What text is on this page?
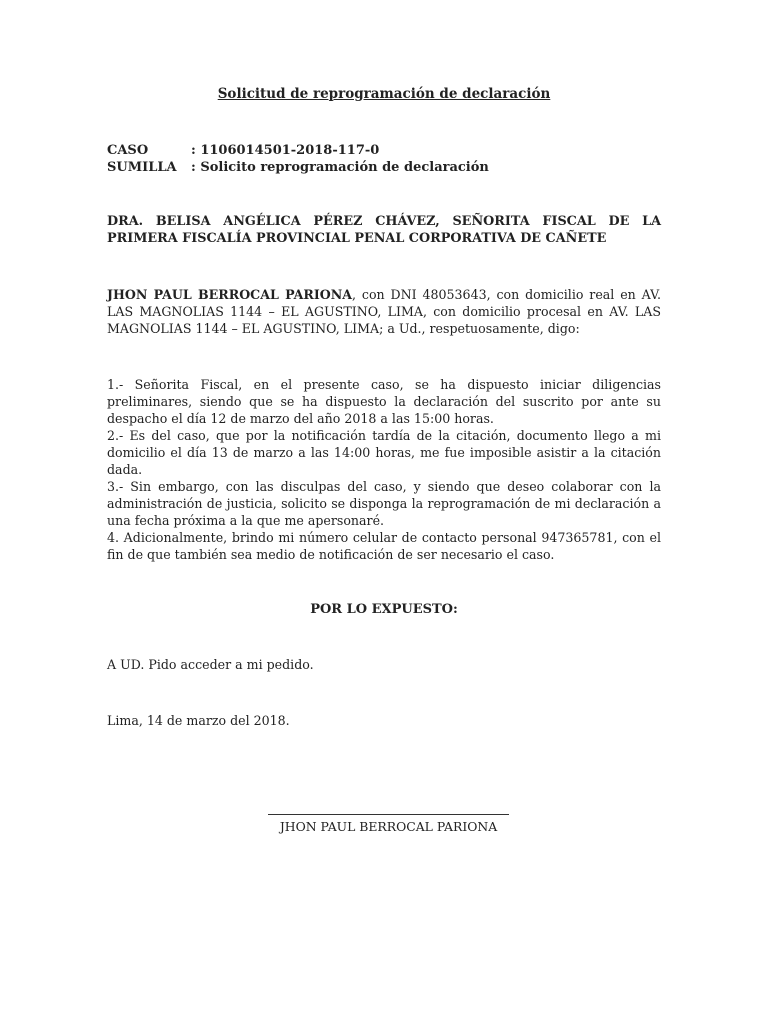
Solicitud de reprogramación de declaración
CASO	: 1106014501-2018-117-0
SUMILLA	: Solicito reprogramación de declaración
DRA. BELISA ANGÉLICA PÉREZ CHÁVEZ, SEÑORITA FISCAL DE LA PRIMERA FISCALÍA PROVINCIAL PENAL CORPORATIVA DE CAÑETE
JHON PAUL BERROCAL PARIONA, con DNI 48053643, con domicilio real en AV. LAS MAGNOLIAS 1144 – EL AGUSTINO, LIMA, con domicilio procesal en AV. LAS MAGNOLIAS 1144 – EL AGUSTINO, LIMA; a Ud., respetuosamente, digo:

1.- Señorita Fiscal, en el presente caso, se ha dispuesto iniciar diligencias preliminares, siendo que se ha dispuesto la declaración del suscrito por ante su despacho el día 12 de marzo del año 2018 a las 15:00 horas.

2.- Es del caso, que por la notificación tardía de la citación, documento llego a mi domicilio el día 13 de marzo a las 14:00 horas, me fue imposible asistir a la citación dada.

3.- Sin embargo, con las disculpas del caso, y siendo que deseo colaborar con la administración de justicia, solicito se disponga la reprogramación de mi declaración a una fecha próxima a la que me apersonaré.

4. Adicionalmente, brindo mi número celular de contacto personal 947365781, con el fin de que también sea medio de notificación de ser necesario el caso.

POR LO EXPUESTO:
A UD. Pido acceder a mi pedido.
Lima, 14 de marzo del 2018.
JHON PAUL BERROCAL PARIONA
